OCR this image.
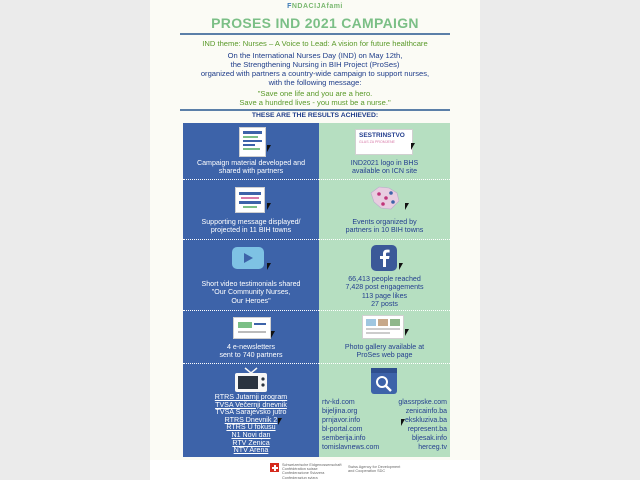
FNDACIJAfami
PROSES IND 2021 CAMPAIGN
IND theme: Nurses – A Voice to Lead: A vision for future healthcare
On the International Nurses Day (IND) on May 12th,
the Strengthening Nursing in BIH Project (ProSes)
organized with partners a country-wide campaign to support nurses,
with the following message:
"Save one life and you are a hero.
Save a hundred lives - you must be a nurse."
THESE ARE THE RESULTS ACHIEVED:
Campaign material developed and
shared with partners
Supporting message displayed/
projected in 11 BIH towns
Short video testimonials shared
"Our Community Nurses,
Our Heroes"
4 e-newsletters
sent to 740 partners
RTRS Jutarnji program
TVSA Večernji dnevnik
TVSA Sarajevsko jutro
RTRS Dnevnik 2
RTRS U fokusu
N1 Novi dan
RTV Zenica
NTV Arena
SESTRINSTVO
GLAS ZA PROMJENE
IND2021 logo in BHS
available on ICN site
Events organized by
partners in 10 BIH towns
66,413 people reached
7,428 post engagements
113 page likes
27 posts
Photo gallery available at
ProSes web page
rtv-kd.com
bijeljina.org
prnjavor.info
bl-portal.com
semberija.info
tomislavnews.com
glassrpske.com
zenicainfo.ba
ekskluziva.ba
represent.ba
bljesak.info
herceg.tv
Schweizerische Eidgenossenschaft
Confédération suisse
Confederazione Svizzera
Confederaziun svizra
Swiss Agency for Development
and Cooperation SDC
